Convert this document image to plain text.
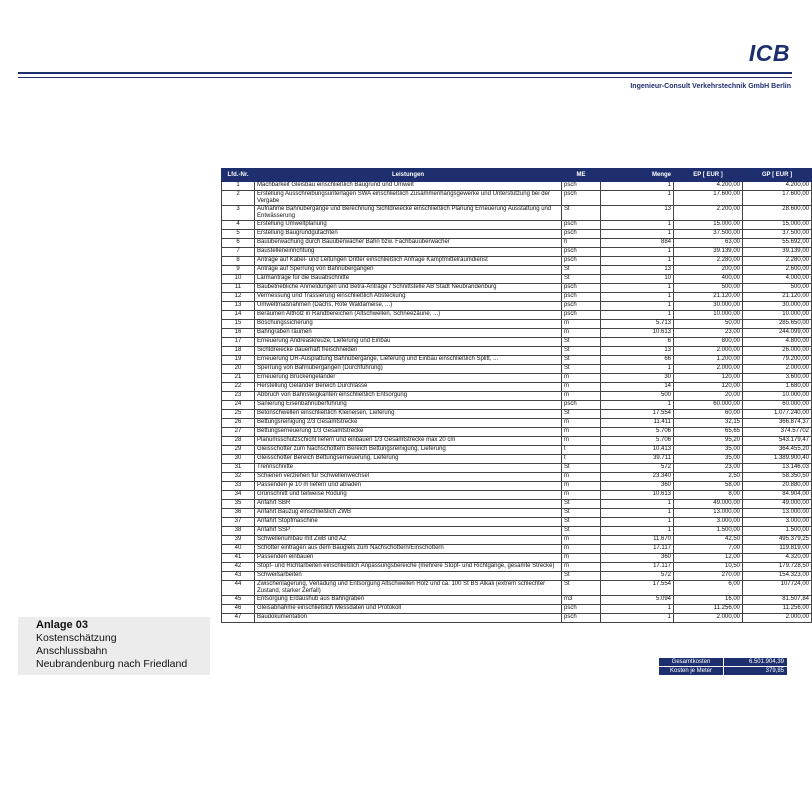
ICB
Ingenieur-Consult Verkehrstechnik GmbH Berlin
Lfd.-Nr.	Leistungen	ME	Menge	EP [ EUR ]	GP [ EUR ]
1	Machbarkeit Gleisbau einschließlich Baugrund und Umwelt	psch	1	4.200,00	4.200,00
2	Erstellung Ausschreibungsunterlagen SWA einschließlich Zusammenhangsgewerke und Unterstützung bei der Vergabe	psch	1	17.600,00	17.600,00
3	Aufnahme Bahnübergänge und Berechnung Sichtdreiecke einschließlich Planung Erneuerung Ausstattung und Entwässerung	St	13	2.200,00	28.600,00
4	Erstellung Umweltplanung	psch	1	15.000,00	15.000,00
5	Erstellung Baugrundgutachten	psch	1	37.500,00	37.500,00
6	Bauüberwachung durch Bauüberwacher Bahn bzw. Fachbauüberwacher	h	884	63,00	55.692,00
7	Baustelleneinrichtung	psch	1	39.139,00	39.139,00
8	Anträge auf Kabel- und Leitungen Dritter einschließlich Anfrage Kampfmittelräumdienst	psch	1	2.280,00	2.280,00
9	Anträge auf Sperrung von Bahnübergängen	St	13	200,00	2.600,00
10	Lärmanträge für die Bauabschnitte	St	10	400,00	4.000,00
11	Baubetriebliche Anmeldungen und Betra-Anträge / Schnittstelle AB Stadt Neubrandenburg	psch	1	500,00	500,00
12	Vermessung und Trassierung einschließlich Absteckung	psch	1	21.120,00	21.120,00
13	Umweltmaßnahmen (Dachs, Rote Waldameise, ...)	psch	1	30.000,00	30.000,00
14	Beräumen Altholz in Randbereichen (Altschwellen, Schneezäune, ...)	psch	1	10.000,00	10.000,00
15	Böschungssicherung	m	5.713	50,00	285.650,00
16	Bahngraben räumen	m	10.613	23,00	244.099,00
17	Erneuerung Andreaskreuze, Lieferung und Einbau	St	6	800,00	4.800,00
18	Sichtdreiecke dauerhaft freischneiden	St	13	2.000,00	26.000,00
19	Erneuerung DR-Ausplattung Bahnübergänge, Lieferung und Einbau einschließlich Splitt, ...	St	66	1.200,00	79.200,00
20	Sperrung von Bahnübergängen (Durchführung)	St	1	2.000,00	2.000,00
21	Erneuerung Brückengeländer	m	30	120,00	3.600,00
22	Herstellung Geländer Bereich Durchlässe	m	14	120,00	1.680,00
23	Abbruch von Bahnsteigkanten einschließlich Entsorgung	m	500	20,00	10.000,00
24	Sanierung Eisenbahnüberführung	psch	1	60.000,00	60.000,00
25	Betonschwellen einschließlich Kleineisen, Lieferung	St	17.554	60,00	1.077.240,00
26	Bettungsreinigung 2/3 Gesamtstrecke	m	11.411	32,15	366.874,37
27	Bettungserneuerung 1/3 Gesamtstrecke	m	5.706	65,65	374.57702
28	Planumsschutzschicht liefern und einbauen 1/3 Gesamtstrecke max 20 cm	m	5.706	95,20	543.179,47
29	Gleisschotter zum Nachschottern Bereich Bettungsreinigung, Lieferung	t	10.413	35,00	364.455,20
30	Gleisschotter Bereich Bettungserneuerung, Lieferung	t	39.711	35,00	1.389.900,40
31	Trennschnitte	St	572	23,00	13.146,03
32	Schienen verziehen für Schwellenwechsel	m	23.340	2,50	58.350,50
33	Passenden je 10 m liefern und abladen	m	360	58,00	20.880,00
34	Grünschnitt und teilweise Rodung	m	10.613	8,00	84.904,00
35	Anfahrt SBR	St	1	49.000,00	49.000,00
36	Anfahrt Bauzug einschließlich ZWB	St	1	13.000,00	13.000,00
37	Anfahrt Stopfmaschine	St	1	3.000,00	3.000,00
38	Anfahrt SSP	St	1	1.500,00	1.500,00
39	Schwellenumbau mit ZwB und AZ	m	11.670	42,50	495.379,25
40	Schotter eintragen aus dem Bauglels zum Nachschottern/Einschottern	m	17.117	7,00	119.819,00
41	Passenden einbauen	m	360	12,00	4.320,00
42	Stopf- und Richtarbeiten einschließlich Anpassungsbereiche (mehrere Stopf- und Richtgänge, gesamte Strecke)	m	17.117	10,50	179.728,50
43	Schweißarbeiten	St	572	270,00	154.323,00
44	Zwischenlagerung, Verladung und Entsorgung Altschwellen Holz und ca. 100 St BS Alkali (extrem schlechter Zustand, starker Zerfall)	St	17.554	6,00	107724,00
45	Entsorgung Erdaushub aus Bahngräben	m3	5.094	16,00	81.507,84
46	Gleisabnahme einschließlich Messdaten und Protokoll	psch	1	11.256,00	11.256,00
47	Baudokumentation	psch	1	2.000,00	2.000,00
Gesamtkosten	6.501.904,39
Kosten je Meter	379,85
Anlage 03
Kostenschätzung
Anschlussbahn
Neubrandenburg nach Friedland
